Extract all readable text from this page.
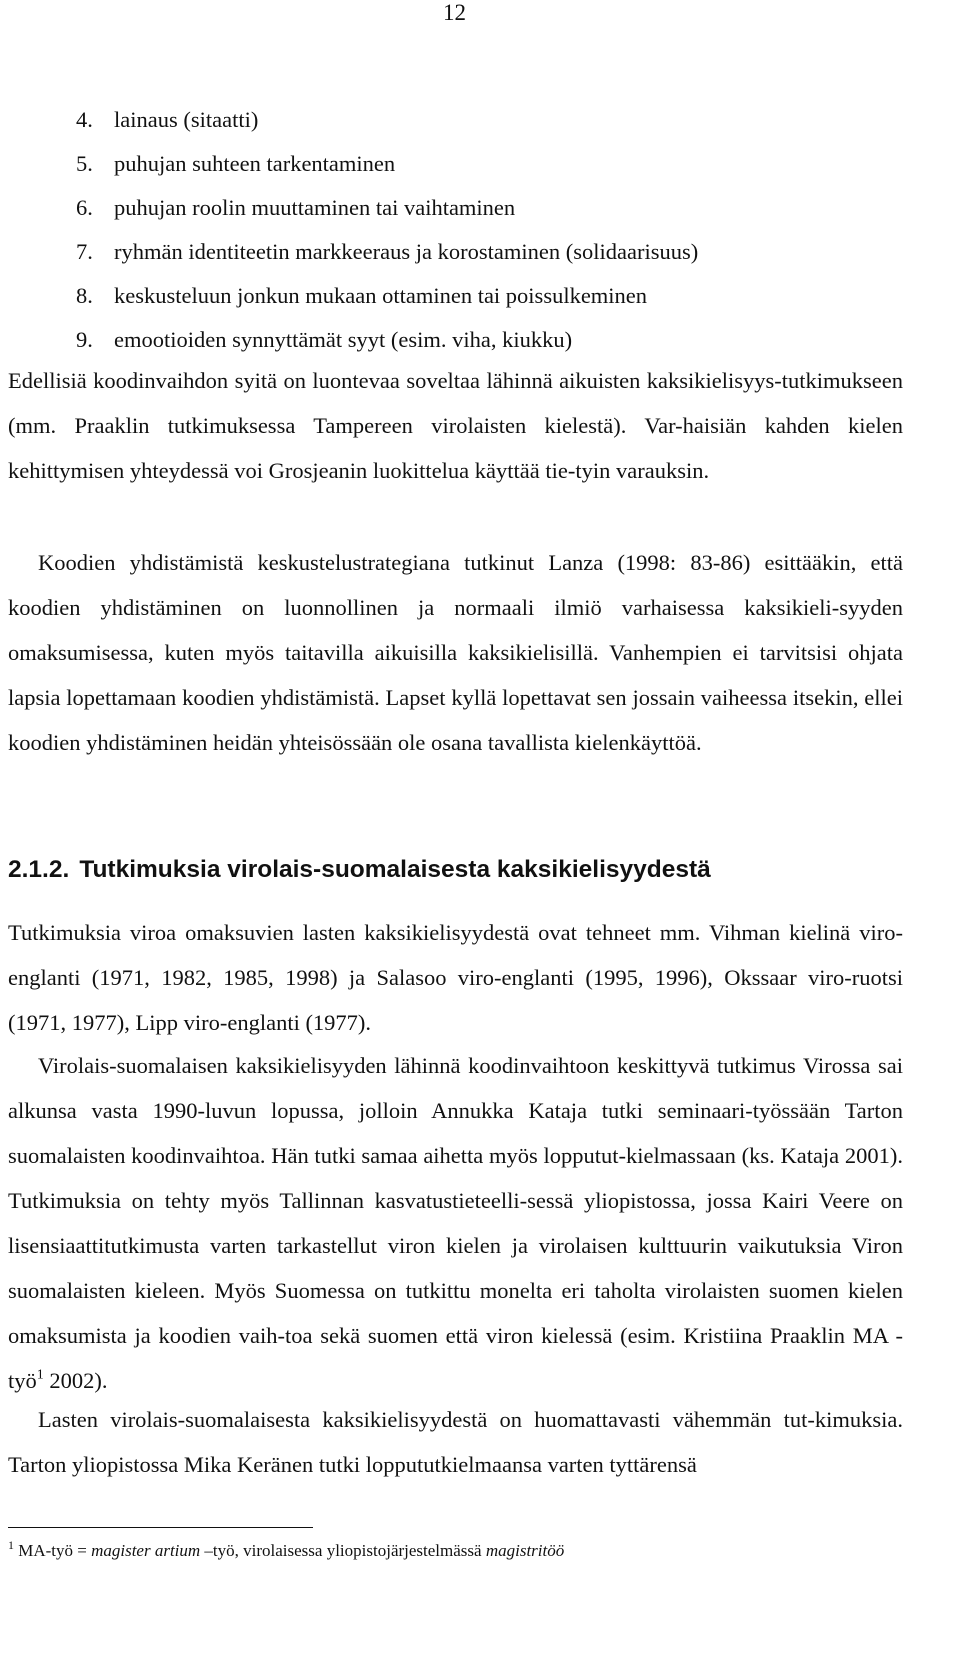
12
4. lainaus (sitaatti)
5. puhujan suhteen tarkentaminen
6. puhujan roolin muuttaminen tai vaihtaminen
7. ryhmän identiteetin markkeeraus ja korostaminen (solidaarisuus)
8. keskusteluun jonkun mukaan ottaminen tai poissulkeminen
9. emootioiden synnyttämät syyt (esim. viha, kiukku)

Edellisiä koodinvaihdon syitä on luontevaa soveltaa lähinnä aikuisten kaksikielisyys-tutkimukseen (mm. Praaklin tutkimuksessa Tampereen virolaisten kielestä). Var-haisiän kahden kielen kehittymisen yhteydessä voi Grosjeanin luokittelua käyttää tie-tyin varauksin.

Koodien yhdistämistä keskustelustrategiana tutkinut Lanza (1998: 83-86) esittääkin, että koodien yhdistäminen on luonnollinen ja normaali ilmiö varhaisessa kaksikieli-syyden omaksumisessa, kuten myös taitavilla aikuisilla kaksikielisillä. Vanhempien ei tarvitsisi ohjata lapsia lopettamaan koodien yhdistämistä. Lapset kyllä lopettavat sen jossain vaiheessa itsekin, ellei koodien yhdistäminen heidän yhteisössään ole osana tavallista kielenkäyttöä.

2.1.2. Tutkimuksia virolais-suomalaisesta kaksikielisyydestä

Tutkimuksia viroa omaksuvien lasten kaksikielisyydestä ovat tehneet mm. Vihman kielinä viro-englanti (1971, 1982, 1985, 1998) ja Salasoo viro-englanti (1995, 1996), Okssaar viro-ruotsi (1971, 1977), Lipp viro-englanti (1977).

Virolais-suomalaisen kaksikielisyyden lähinnä koodinvaihtoon keskittyvä tutkimus Virossa sai alkunsa vasta 1990-luvun lopussa, jolloin Annukka Kataja tutki seminaari-työssään Tarton suomalaisten koodinvaihtoa. Hän tutki samaa aihetta myös lopputut-kielmassaan (ks. Kataja 2001). Tutkimuksia on tehty myös Tallinnan kasvatustieteelli-sessä yliopistossa, jossa Kairi Veere on lisensiaattitutkimusta varten tarkastellut viron kielen ja virolaisen kulttuurin vaikutuksia Viron suomalaisten kieleen. Myös Suomessa on tutkittu monelta eri taholta virolaisten suomen kielen omaksumista ja koodien vaih-toa sekä suomen että viron kielessä (esim. Kristiina Praaklin MA -työ$^1$ 2002).

Lasten virolais-suomalaisesta kaksikielisyydestä on huomattavasti vähemmän tut-kimuksia. Tarton yliopistossa Mika Keränen tutki loppututkielmaansa varten tyttärensä

$^1$ MA-työ = magister artium –työ, virolaisessa yliopistojärjestelmässä magistritöö
